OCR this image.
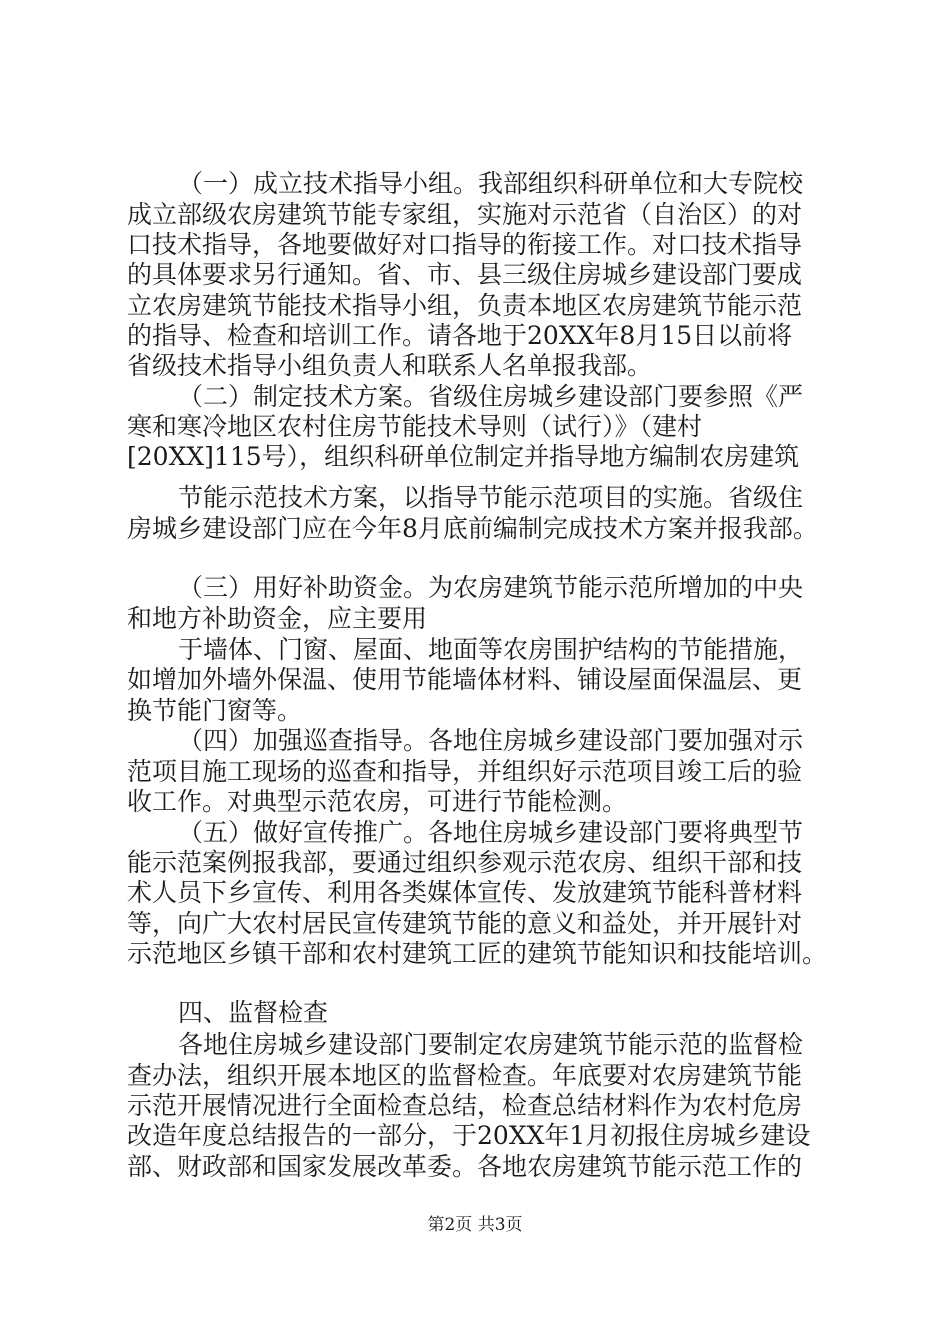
（一）成立技术指导小组。我部组织科研单位和大专院校
成立部级农房建筑节能专家组，实施对示范省（自治区）的对
口技术指导，各地要做好对口指导的衔接工作。对口技术指导
的具体要求另行通知。省、市、县三级住房城乡建设部门要成
立农房建筑节能技术指导小组，负责本地区农房建筑节能示范
的指导、检查和培训工作。请各地于20XX年8月15日以前将
省级技术指导小组负责人和联系人名单报我部。
（二）制定技术方案。省级住房城乡建设部门要参照《严
寒和寒冷地区农村住房节能技术导则（试行）》（建村
[20XX]115号），组织科研单位制定并指导地方编制农房建筑
节能示范技术方案，以指导节能示范项目的实施。省级住
房城乡建设部门应在今年8月底前编制完成技术方案并报我部。
（三）用好补助资金。为农房建筑节能示范所增加的中央
和地方补助资金，应主要用
于墙体、门窗、屋面、地面等农房围护结构的节能措施，
如增加外墙外保温、使用节能墙体材料、铺设屋面保温层、更
换节能门窗等。
（四）加强巡查指导。各地住房城乡建设部门要加强对示
范项目施工现场的巡查和指导，并组织好示范项目竣工后的验
收工作。对典型示范农房，可进行节能检测。
（五）做好宣传推广。各地住房城乡建设部门要将典型节
能示范案例报我部，要通过组织参观示范农房、组织干部和技
术人员下乡宣传、利用各类媒体宣传、发放建筑节能科普材料
等，向广大农村居民宣传建筑节能的意义和益处，并开展针对
示范地区乡镇干部和农村建筑工匠的建筑节能知识和技能培训。
四、监督检查
各地住房城乡建设部门要制定农房建筑节能示范的监督检
查办法，组织开展本地区的监督检查。年底要对农房建筑节能
示范开展情况进行全面检查总结，检查总结材料作为农村危房
改造年度总结报告的一部分，于20XX年1月初报住房城乡建设
部、财政部和国家发展改革委。各地农房建筑节能示范工作的
第2页 共3页
